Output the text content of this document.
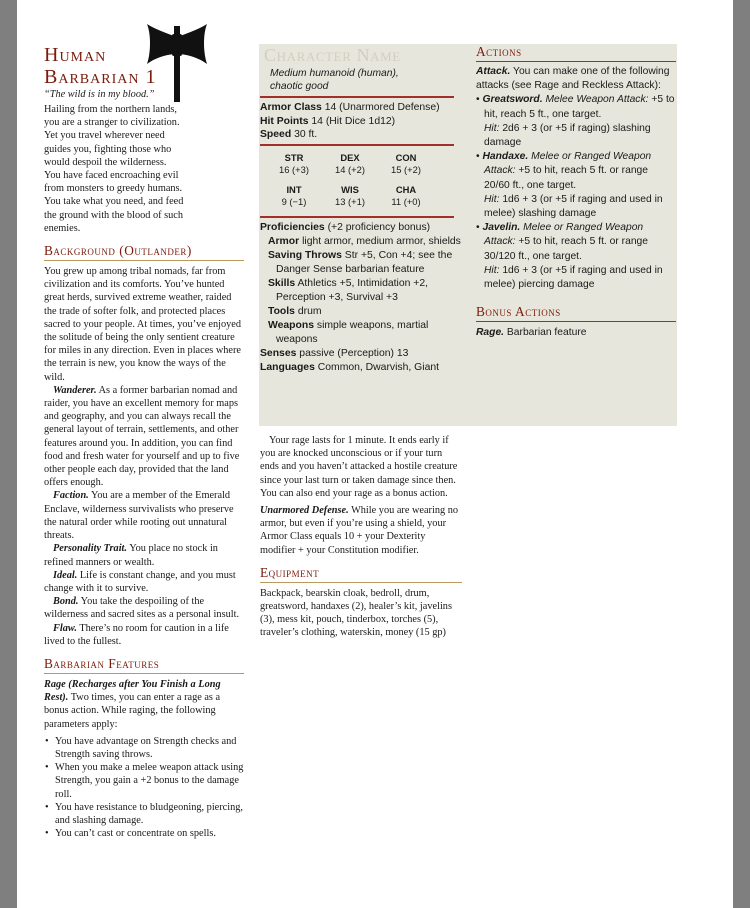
Human
Barbarian 1

“The wild is in my blood.”

Hailing from the northern lands, you are a stranger to civilization. Yet you travel wherever need guides you, fighting those who would despoil the wilderness. You have faced encroaching evil from monsters to greedy humans. You take what you need, and feed the ground with the blood of such enemies.

Background (Outlander)

You grew up among tribal nomads, far from civilization and its comforts. You’ve hunted great herds, survived extreme weather, raided the trade of softer folk, and protected places sacred to your people. At times, you’ve enjoyed the solitude of being the only sentient creature for miles in any direction. Even in places where the terrain is new, you know the ways of the wild.

Wanderer. As a former barbarian nomad and raider, you have an excellent memory for maps and geography, and you can always recall the general layout of terrain, settlements, and other features around you. In addition, you can find food and fresh water for yourself and up to five other people each day, provided that the land offers enough.

Faction. You are a member of the Emerald Enclave, wilderness survivalists who preserve the natural order while rooting out unnatural threats.

Personality Trait. You place no stock in refined manners or wealth.

Ideal. Life is constant change, and you must change with it to survive.

Bond. You take the despoiling of the wilderness and sacred sites as a personal insult.

Flaw. There’s no room for caution in a life lived to the fullest.

Barbarian Features

Rage (Recharges after You Finish a Long Rest). Two times, you can enter a rage as a bonus action. While raging, the following parameters apply:

• You have advantage on Strength checks and Strength saving throws.
• When you make a melee weapon attack using Strength, you gain a +2 bonus to the damage roll.
• You have resistance to bludgeoning, piercing, and slashing damage.
• You can’t cast or concentrate on spells.

Character Name

Medium humanoid (human),
chaotic good

Armor Class 14 (Unarmored Defense)

Hit Points 14 (Hit Dice 1d12)

Speed 30 ft.

STR
16 (+3)
DEX
14 (+2)
CON
15 (+2)
INT
9 (−1)
WIS
13 (+1)
CHA
11 (+0)

Proficiencies (+2 proficiency bonus)

Armor light armor, medium armor, shields

Saving Throws Str +5, Con +4; see the Danger Sense barbarian feature

Skills Athletics +5, Intimidation +2, Perception +3, Survival +3

Tools drum

Weapons simple weapons, martial weapons

Senses passive (Perception) 13

Languages Common, Dwarvish, Giant

Your rage lasts for 1 minute. It ends early if you are knocked unconscious or if your turn ends and you haven’t attacked a hostile creature since your last turn or taken damage since then. You can also end your rage as a bonus action.

Unarmored Defense. While you are wearing no armor, but even if you’re using a shield, your Armor Class equals 10 + your Dexterity modifier + your Constitution modifier.

Equipment

Backpack, bearskin cloak, bedroll, drum, greatsword, handaxes (2), healer’s kit, javelins (3), mess kit, pouch, tinderbox, torches (5), traveler’s clothing, waterskin, money (15 gp)

Actions

Attack. You can make one of the following attacks (see Rage and Reckless Attack):

• Greatsword. Melee Weapon Attack: +5 to hit, reach 5 ft., one target.
Hit: 2d6 + 3 (or +5 if raging) slashing damage

• Handaxe. Melee or Ranged Weapon Attack: +5 to hit, reach 5 ft. or range 20/60 ft., one target.
Hit: 1d6 + 3 (or +5 if raging and used in melee) slashing damage

• Javelin. Melee or Ranged Weapon Attack: +5 to hit, reach 5 ft. or range 30/120 ft., one target.
Hit: 1d6 + 3 (or +5 if raging and used in melee) piercing damage

Bonus Actions

Rage. Barbarian feature
